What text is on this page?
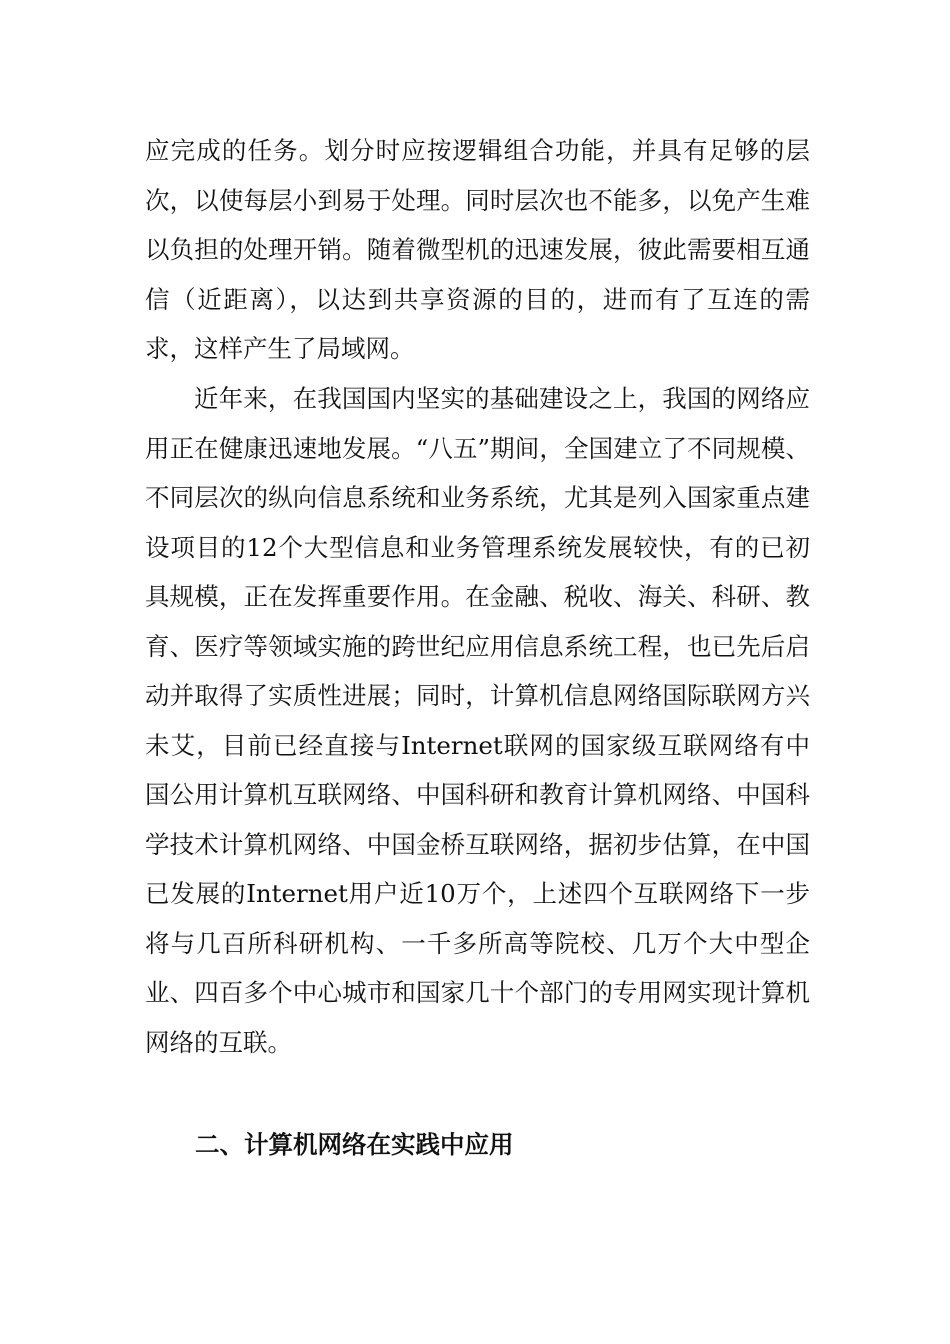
应完成的任务。划分时应按逻辑组合功能，并具有足够的层次，以使每层小到易于处理。同时层次也不能多，以免产生难以负担的处理开销。随着微型机的迅速发展，彼此需要相互通信（近距离），以达到共享资源的目的，进而有了互连的需求，这样产生了局域网。

近年来，在我国国内坚实的基础建设之上，我国的网络应用正在健康迅速地发展。“八五”期间，全国建立了不同规模、不同层次的纵向信息系统和业务系统，尤其是列入国家重点建设项目的12个大型信息和业务管理系统发展较快，有的已初具规模，正在发挥重要作用。在金融、税收、海关、科研、教育、医疗等领域实施的跨世纪应用信息系统工程，也已先后启动并取得了实质性进展；同时，计算机信息网络国际联网方兴未艾，目前已经直接与Internet联网的国家级互联网络有中国公用计算机互联网络、中国科研和教育计算机网络、中国科学技术计算机网络、中国金桥互联网络，据初步估算，在中国已发展的Internet用户近10万个，上述四个互联网络下一步将与几百所科研机构、一千多所高等院校、几万个大中型企业、四百多个中心城市和国家几十个部门的专用网实现计算机网络的互联。

二、计算机网络在实践中应用
